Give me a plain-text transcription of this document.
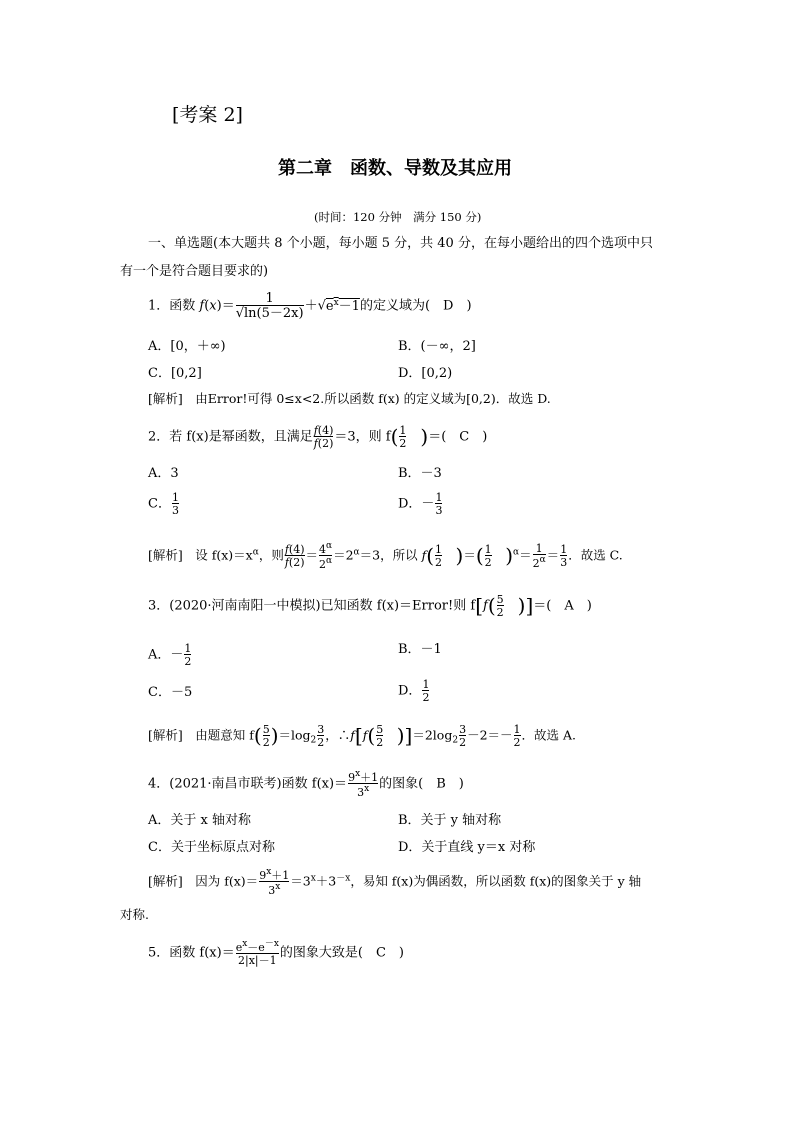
[考案 2]
第二章　函数、导数及其应用
(时间：120 分钟　满分 150 分)
一、单选题(本大题共 8 个小题，每小题 5 分，共 40 分，在每小题给出的四个选项中只
有一个是符合题目要求的)
1．函数 $f(x)= \frac{1}{√\ln(5-2x)} +√e^x-1$的定义域为(　D　)
A．[0，＋∞)	B．(－∞，2]
C．[0,2]	D．[0,2)
[解析]　 由Error!可得 0≤x<2.所以函数 f(x) 的定义域为[0,2)．故选 D.
2．若 f(x)是幂函数，且满足 $\frac{f(4)}{f(2)} =3$，则 $f( \frac{1}{2}$
　 )＝(　C　)
A．3	B．－3
C． $\frac{1}{3}$	D．－ $\frac{1}{3}$
[解析]　 设 $f(x)=x^\alpha$，则 $\frac{f(4)}{f(2)} = \frac{4^\alpha}{2^\alpha} =2^\alpha=3$，所以 $f( \frac{1}{2}$
　 )＝( $\frac{1}{2}$
　 )$^\alpha= \frac{1}{2^\alpha} = \frac{1}{3}$ ．故选 C.
3．(2020·河南南阳一中模拟)已知函数 f(x)＝Error!则 $f[f( \frac{5}{2}$
　 )]＝(　A　)
A．－ $\frac{1}{2}$	B．－1
C．－5	D． $\frac{1}{2}$
[解析]　 由题意知 $f( \frac{5}{2} )=\log_2 \frac{3}{2}$ ，∴f[f( $\frac{5}{2}$
　 )]$=2\log_2 \frac{3}{2} -2=- \frac{1}{2}$ ．故选 A.
4．(2021·南昌市联考)函数 $f(x)= \frac{9^x+1}{3^x}$ 的图象(　B　)
A．关于 x 轴对称	B．关于 y 轴对称
C．关于坐标原点对称	D．关于直线 y＝x 对称
[解析]　 因为 $f(x)= \frac{9^x+1}{3^x} =3^x+3^{-x}$，易知 f(x)为偶函数，所以函数 f(x)的图象关于 y 轴
对称.
5．函数 $f(x)= \frac{e^x-e^{-x}}{2|x|-1}$ 的图象大致是(　C　)
